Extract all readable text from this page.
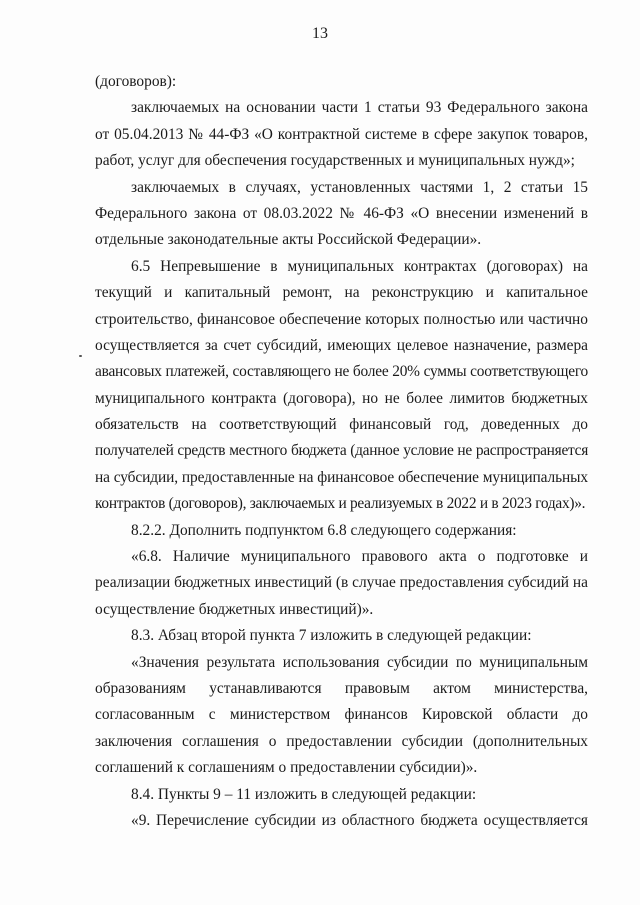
13
(договоров):
заключаемых на основании части 1 статьи 93 Федерального закона
от 05.04.2013 № 44-ФЗ «О контрактной системе в сфере закупок товаров,
работ, услуг для обеспечения государственных и муниципальных нужд»;
заключаемых в случаях, установленных частями 1, 2 статьи 15
Федерального закона от 08.03.2022 № 46-ФЗ «О внесении изменений в
отдельные законодательные акты Российской Федерации».
6.5 Непревышение в муниципальных контрактах (договорах) на
текущий и капитальный ремонт, на реконструкцию и капитальное
строительство, финансовое обеспечение которых полностью или частично
осуществляется за счет субсидий, имеющих целевое назначение, размера
авансовых платежей, составляющего не более 20% суммы соответствующего
муниципального контракта (договора), но не более лимитов бюджетных
обязательств на соответствующий финансовый год, доведенных до
получателей средств местного бюджета (данное условие не распространяется
на субсидии, предоставленные на финансовое обеспечение муниципальных
контрактов (договоров), заключаемых и реализуемых в 2022 и в 2023 годах)».
8.2.2. Дополнить подпунктом 6.8 следующего содержания:
«6.8. Наличие муниципального правового акта о подготовке и
реализации бюджетных инвестиций (в случае предоставления субсидий на
осуществление бюджетных инвестиций)».
8.3. Абзац второй пункта 7 изложить в следующей редакции:
«Значения результата использования субсидии по муниципальным
образованиям устанавливаются правовым актом министерства,
согласованным с министерством финансов Кировской области до
заключения соглашения о предоставлении субсидии (дополнительных
соглашений к соглашениям о предоставлении субсидии)».
8.4. Пункты 9 – 11 изложить в следующей редакции:
«9. Перечисление субсидии из областного бюджета осуществляется
